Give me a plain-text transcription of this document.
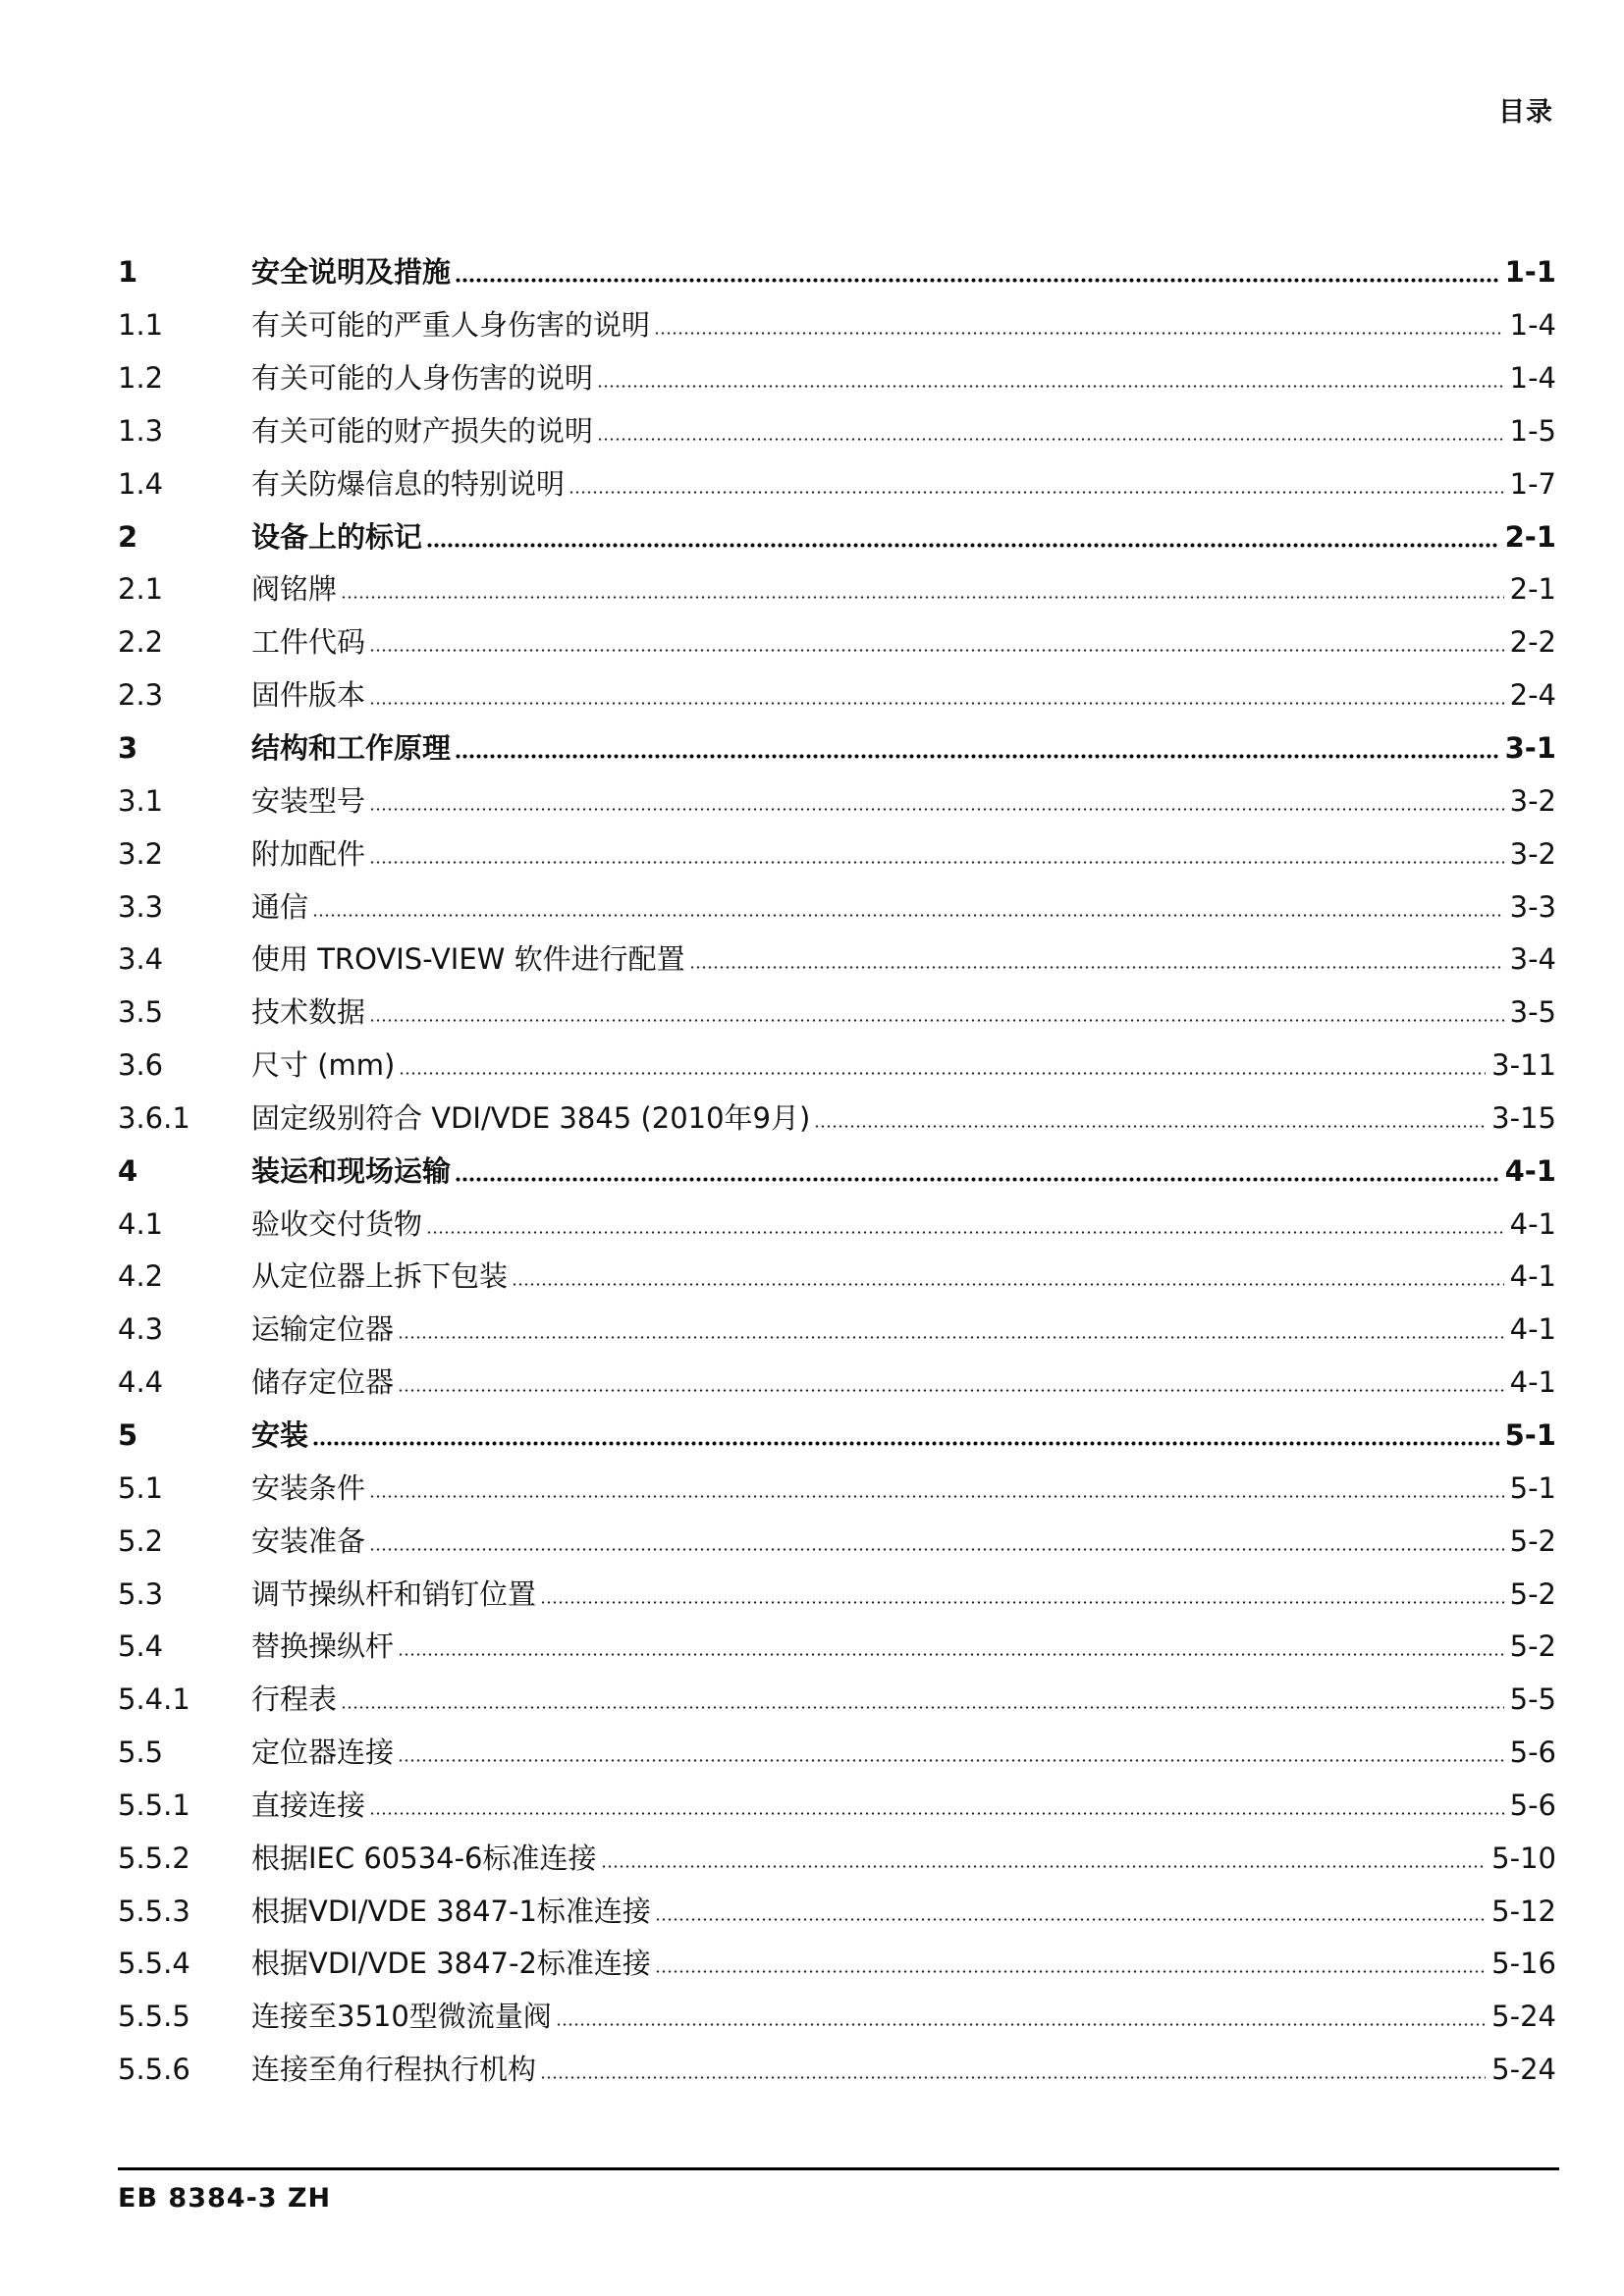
目录
1	安全说明及措施	1-1
1.1	有关可能的严重人身伤害的说明	1-4
1.2	有关可能的人身伤害的说明	1-4
1.3	有关可能的财产损失的说明	1-5
1.4	有关防爆信息的特别说明	1-7
2	设备上的标记	2-1
2.1	阀铭牌	2-1
2.2	工件代码	2-2
2.3	固件版本	2-4
3	结构和工作原理	3-1
3.1	安装型号	3-2
3.2	附加配件	3-2
3.3	通信	3-3
3.4	使用 TROVIS-VIEW 软件进行配置	3-4
3.5	技术数据	3-5
3.6	尺寸 (mm)	3-11
3.6.1	固定级别符合 VDI/VDE 3845 (2010年9月)	3-15
4	装运和现场运输	4-1
4.1	验收交付货物	4-1
4.2	从定位器上拆下包装	4-1
4.3	运输定位器	4-1
4.4	储存定位器	4-1
5	安装	5-1
5.1	安装条件	5-1
5.2	安装准备	5-2
5.3	调节操纵杆和销钉位置	5-2
5.4	替换操纵杆	5-2
5.4.1	行程表	5-5
5.5	定位器连接	5-6
5.5.1	直接连接	5-6
5.5.2	根据IEC 60534-6标准连接	5-10
5.5.3	根据VDI/VDE 3847-1标准连接	5-12
5.5.4	根据VDI/VDE 3847-2标准连接	5-16
5.5.5	连接至3510型微流量阀	5-24
5.5.6	连接至角行程执行机构	5-24
EB 8384-3 ZH
